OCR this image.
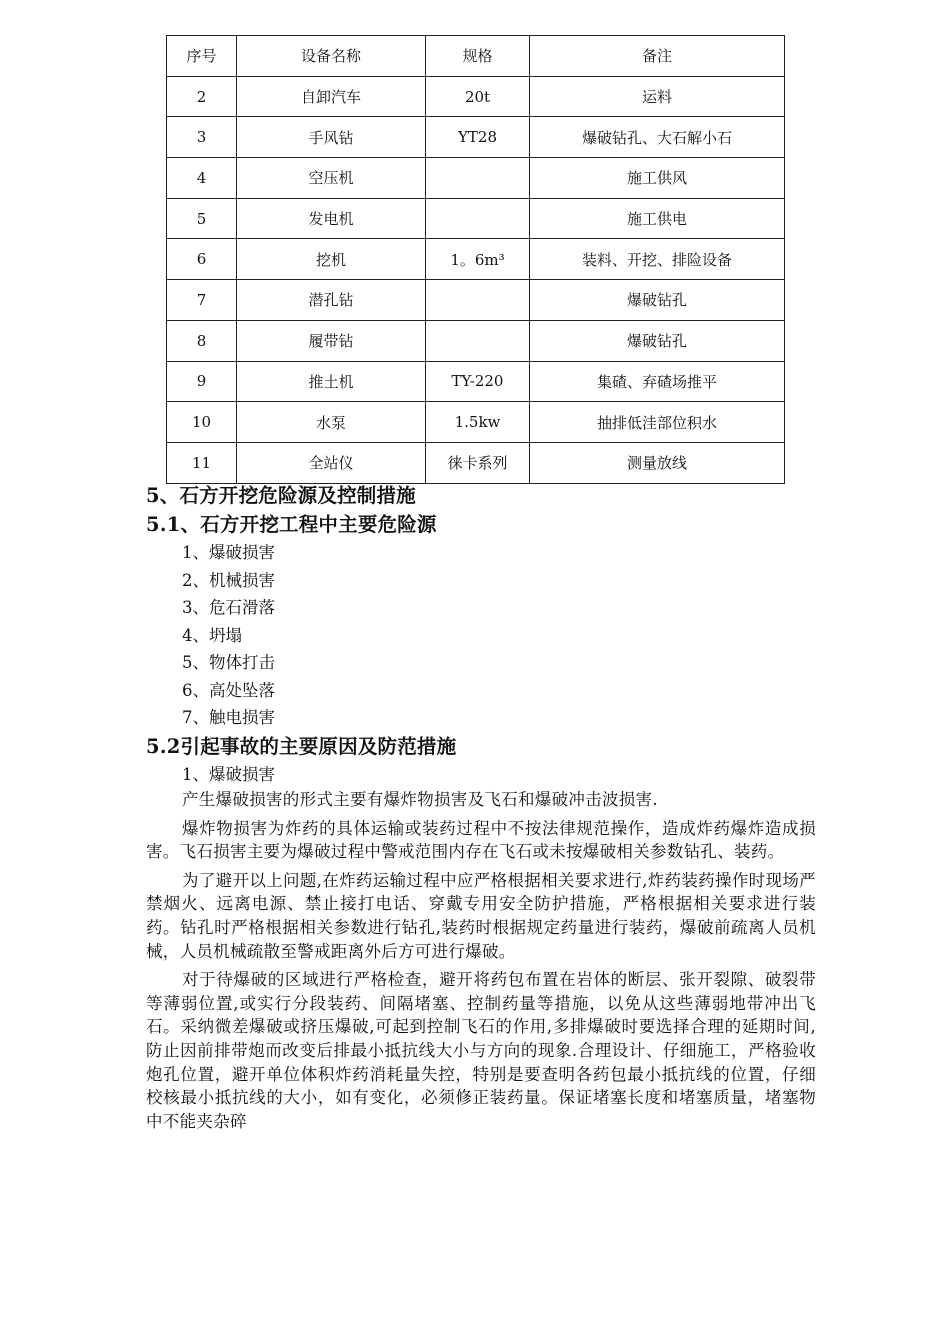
序号	设备名称	规格	备注
2	自卸汽车	20t	运料
3	手风钻	YT28	爆破钻孔、大石解小石
4	空压机		施工供风
5	发电机		施工供电
6	挖机	1。6m³	装料、开挖、排险设备
7	潜孔钻		爆破钻孔
8	履带钻		爆破钻孔
9	推土机	TY-220	集碴、弃碴场推平
10	水泵	1.5kw	抽排低洼部位积水
11	全站仪	徕卡系列	测量放线

5、石方开挖危险源及控制措施

5.1、石方开挖工程中主要危险源

1、爆破损害

2、机械损害

3、危石滑落

4、坍塌

5、物体打击

6、高处坠落

7、触电损害

5.2引起事故的主要原因及防范措施

1、爆破损害

产生爆破损害的形式主要有爆炸物损害及飞石和爆破冲击波损害.

爆炸物损害为炸药的具体运输或装药过程中不按法律规范操作，造成炸药爆炸造成损害。飞石损害主要为爆破过程中警戒范围内存在飞石或未按爆破相关参数钻孔、装药。

为了避开以上问题,在炸药运输过程中应严格根据相关要求进行,炸药装药操作时现场严禁烟火、远离电源、禁止接打电话、穿戴专用安全防护措施，严格根据相关要求进行装药。钻孔时严格根据相关参数进行钻孔,装药时根据规定药量进行装药，爆破前疏离人员机械，人员机械疏散至警戒距离外后方可进行爆破。

对于待爆破的区域进行严格检查，避开将药包布置在岩体的断层、张开裂隙、破裂带等薄弱位置,或实行分段装药、间隔堵塞、控制药量等措施，以免从这些薄弱地带冲出飞石。采纳微差爆破或挤压爆破,可起到控制飞石的作用,多排爆破时要选择合理的延期时间,防止因前排带炮而改变后排最小抵抗线大小与方向的现象.合理设计、仔细施工，严格验收炮孔位置，避开单位体积炸药消耗量失控，特别是要查明各药包最小抵抗线的位置，仔细校核最小抵抗线的大小，如有变化，必须修正装药量。保证堵塞长度和堵塞质量，堵塞物中不能夹杂碎
